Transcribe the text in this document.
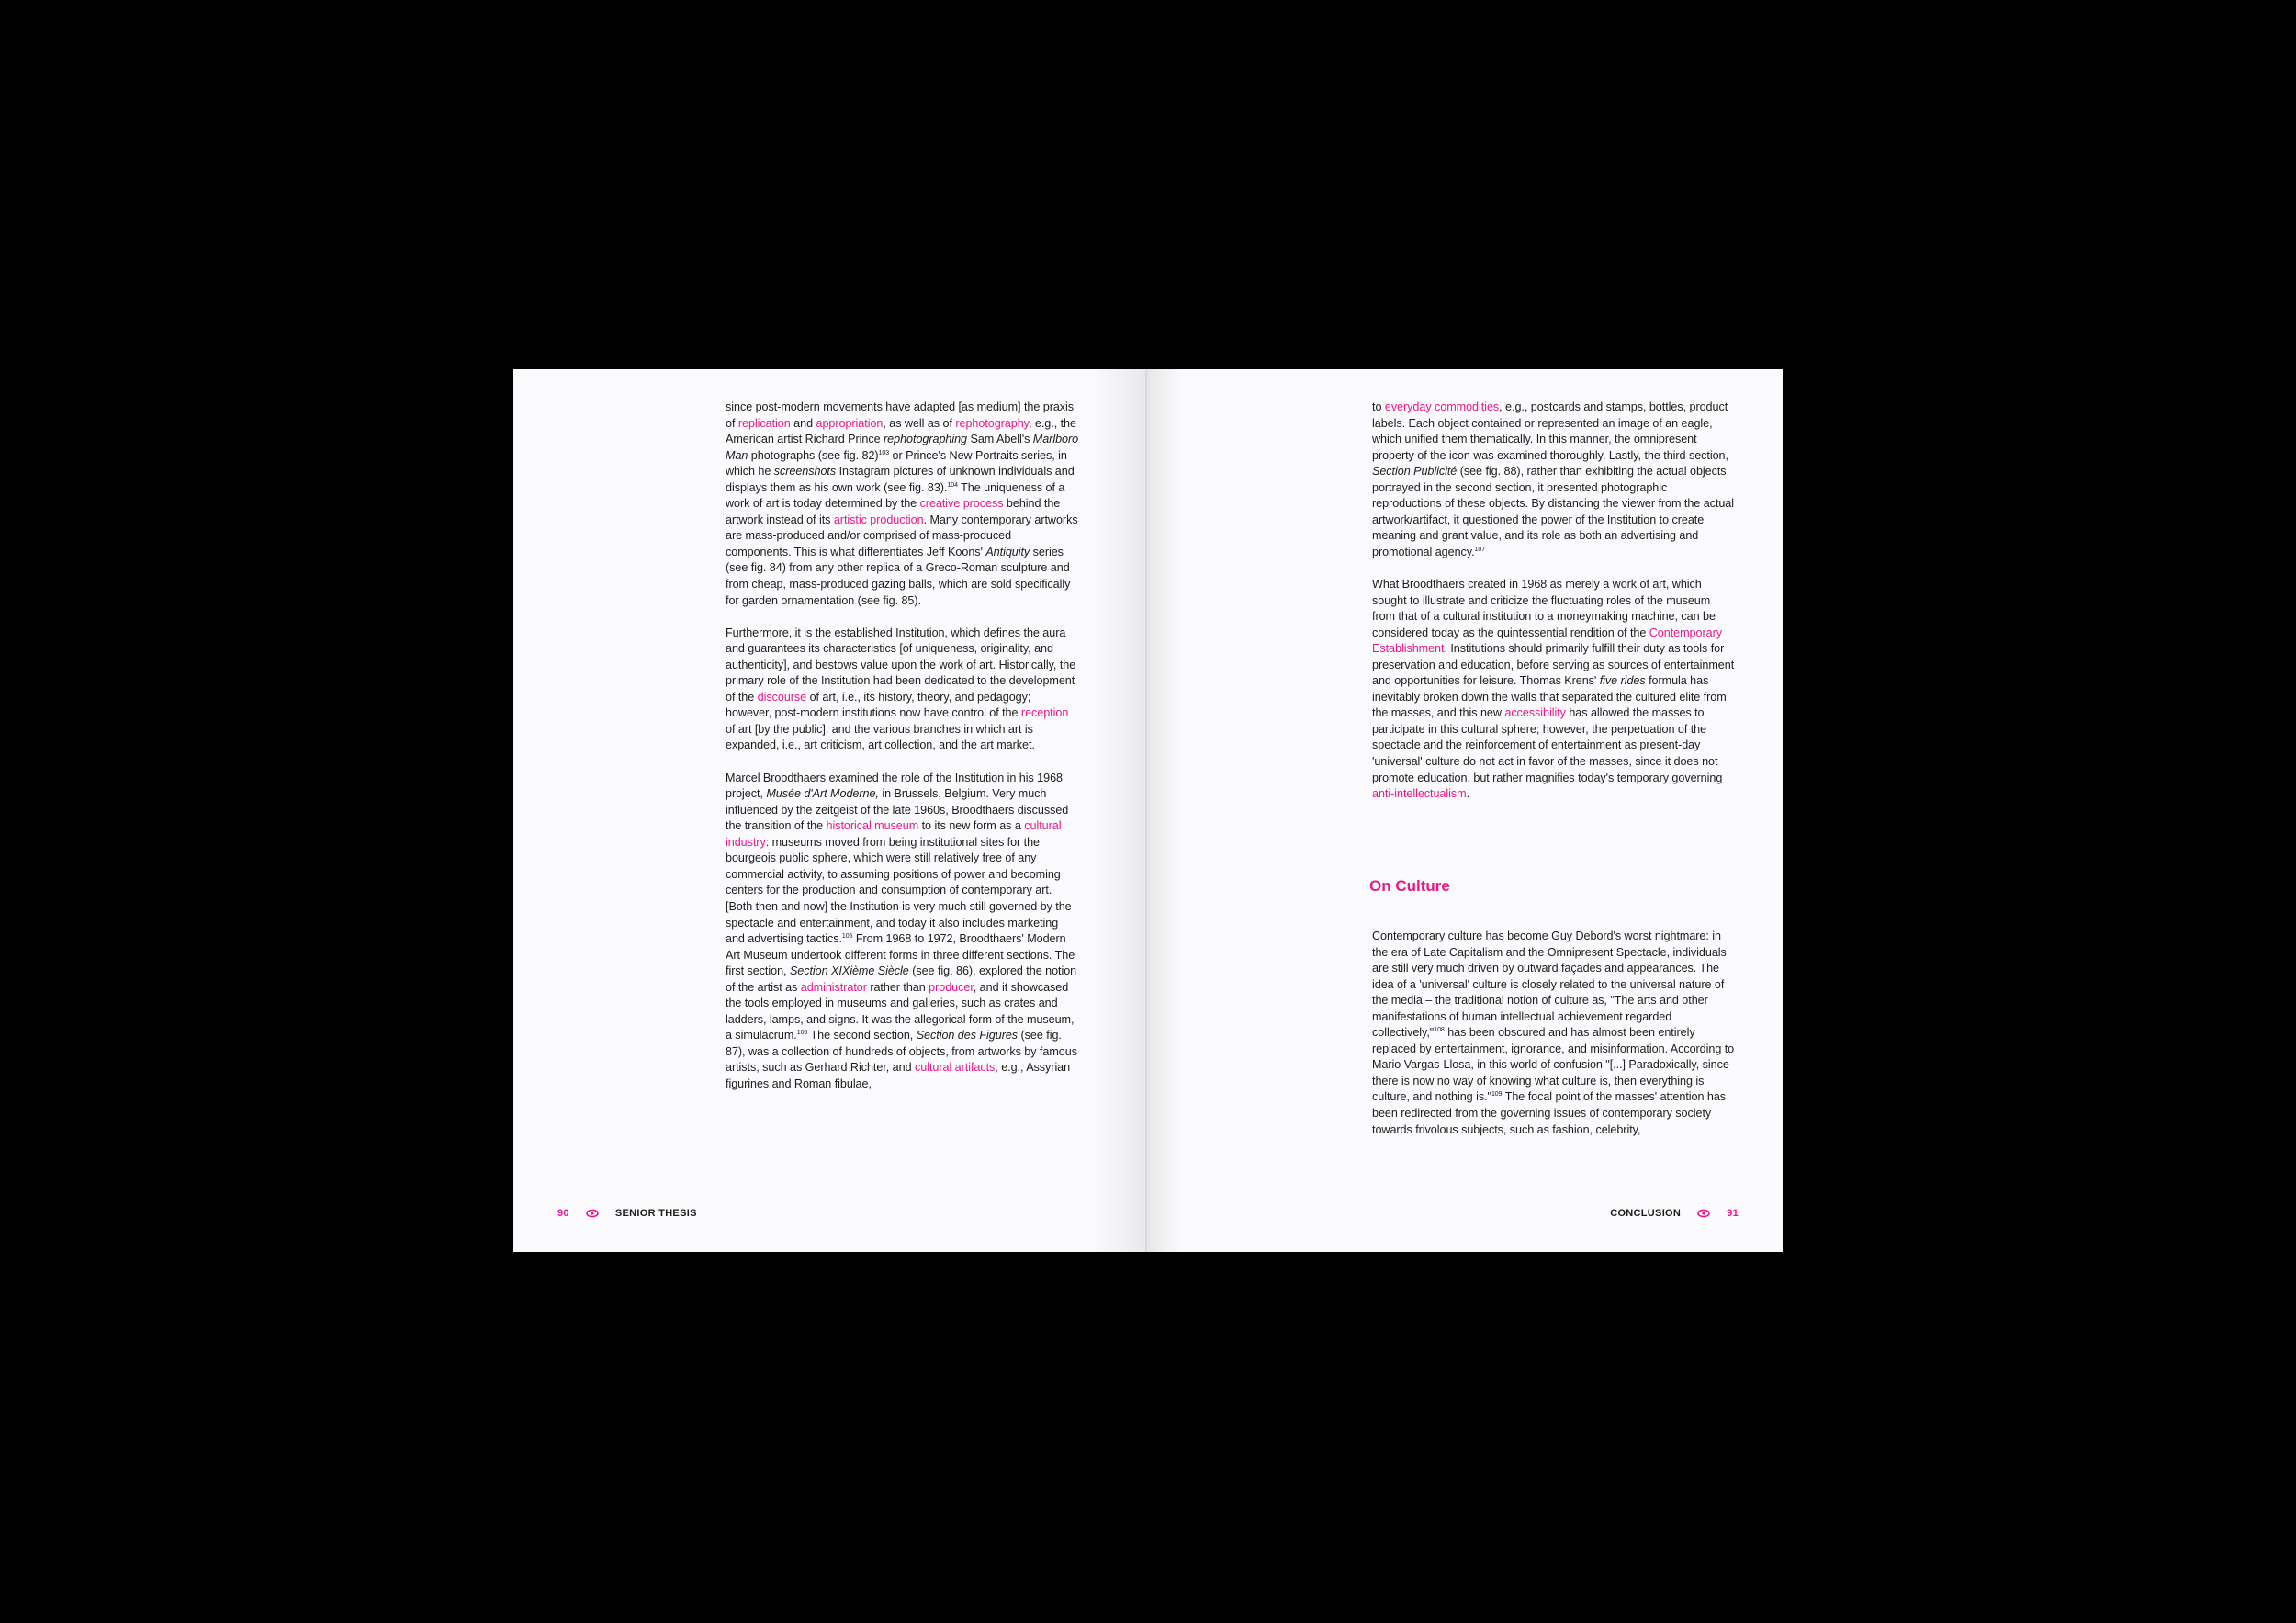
since post-modern movements have adapted [as medium] the praxis of replication and appropriation, as well as of rephotography, e.g., the American artist Richard Prince rephotographing Sam Abell's Marlboro Man photographs (see fig. 82)$^{103}$ or Prince's New Portraits series, in which he screenshots Instagram pictures of unknown individuals and displays them as his own work (see fig. 83).$^{104}$ The uniqueness of a work of art is today determined by the creative process behind the artwork instead of its artistic production. Many contemporary artworks are mass-produced and/or comprised of mass-produced components. This is what differentiates Jeff Koons' Antiquity series (see fig. 84) from any other replica of a Greco-Roman sculpture and from cheap, mass-produced gazing balls, which are sold specifically for garden ornamentation (see fig. 85).

Furthermore, it is the established Institution, which defines the aura and guarantees its characteristics [of uniqueness, originality, and authenticity], and bestows value upon the work of art. Historically, the primary role of the Institution had been dedicated to the development of the discourse of art, i.e., its history, theory, and pedagogy; however, post-modern institutions now have control of the reception of art [by the public], and the various branches in which art is expanded, i.e., art criticism, art collection, and the art market.

Marcel Broodthaers examined the role of the Institution in his 1968 project, Musée d'Art Moderne, in Brussels, Belgium. Very much influenced by the zeitgeist of the late 1960s, Broodthaers discussed the transition of the historical museum to its new form as a cultural industry: museums moved from being institutional sites for the bourgeois public sphere, which were still relatively free of any commercial activity, to assuming positions of power and becoming centers for the production and consumption of contemporary art. [Both then and now] the Institution is very much still governed by the spectacle and entertainment, and today it also includes marketing and advertising tactics.$^{105}$ From 1968 to 1972, Broodthaers' Modern Art Museum undertook different forms in three different sections. The first section, Section XIXième Siècle (see fig. 86), explored the notion of the artist as administrator rather than producer, and it showcased the tools employed in museums and galleries, such as crates and ladders, lamps, and signs. It was the allegorical form of the museum, a simulacrum.$^{106}$ The second section, Section des Figures (see fig. 87), was a collection of hundreds of objects, from artworks by famous artists, such as Gerhard Richter, and cultural artifacts, e.g., Assyrian figurines and Roman fibulae,

90	SENIOR THESIS

to everyday commodities, e.g., postcards and stamps, bottles, product labels. Each object contained or represented an image of an eagle, which unified them thematically. In this manner, the omnipresent property of the icon was examined thoroughly. Lastly, the third section, Section Publicité (see fig. 88), rather than exhibiting the actual objects portrayed in the second section, it presented photographic reproductions of these objects. By distancing the viewer from the actual artwork/artifact, it questioned the power of the Institution to create meaning and grant value, and its role as both an advertising and promotional agency.$^{107}$

What Broodthaers created in 1968 as merely a work of art, which sought to illustrate and criticize the fluctuating roles of the museum from that of a cultural institution to a moneymaking machine, can be considered today as the quintessential rendition of the Contemporary Establishment. Institutions should primarily fulfill their duty as tools for preservation and education, before serving as sources of entertainment and opportunities for leisure. Thomas Krens' five rides formula has inevitably broken down the walls that separated the cultured elite from the masses, and this new accessibility has allowed the masses to participate in this cultural sphere; however, the perpetuation of the spectacle and the reinforcement of entertainment as present-day 'universal' culture do not act in favor of the masses, since it does not promote education, but rather magnifies today's temporary governing anti-intellectualism.

On Culture

Contemporary culture has become Guy Debord's worst nightmare: in the era of Late Capitalism and the Omnipresent Spectacle, individuals are still very much driven by outward façades and appearances. The idea of a 'universal' culture is closely related to the universal nature of the media – the traditional notion of culture as, "The arts and other manifestations of human intellectual achievement regarded collectively,"$^{108}$ has been obscured and has almost been entirely replaced by entertainment, ignorance, and misinformation. According to Mario Vargas-Llosa, in this world of confusion "[...] Paradoxically, since there is now no way of knowing what culture is, then everything is culture, and nothing is."$^{109}$ The focal point of the masses' attention has been redirected from the governing issues of contemporary society towards frivolous subjects, such as fashion, celebrity,

CONCLUSION	91
